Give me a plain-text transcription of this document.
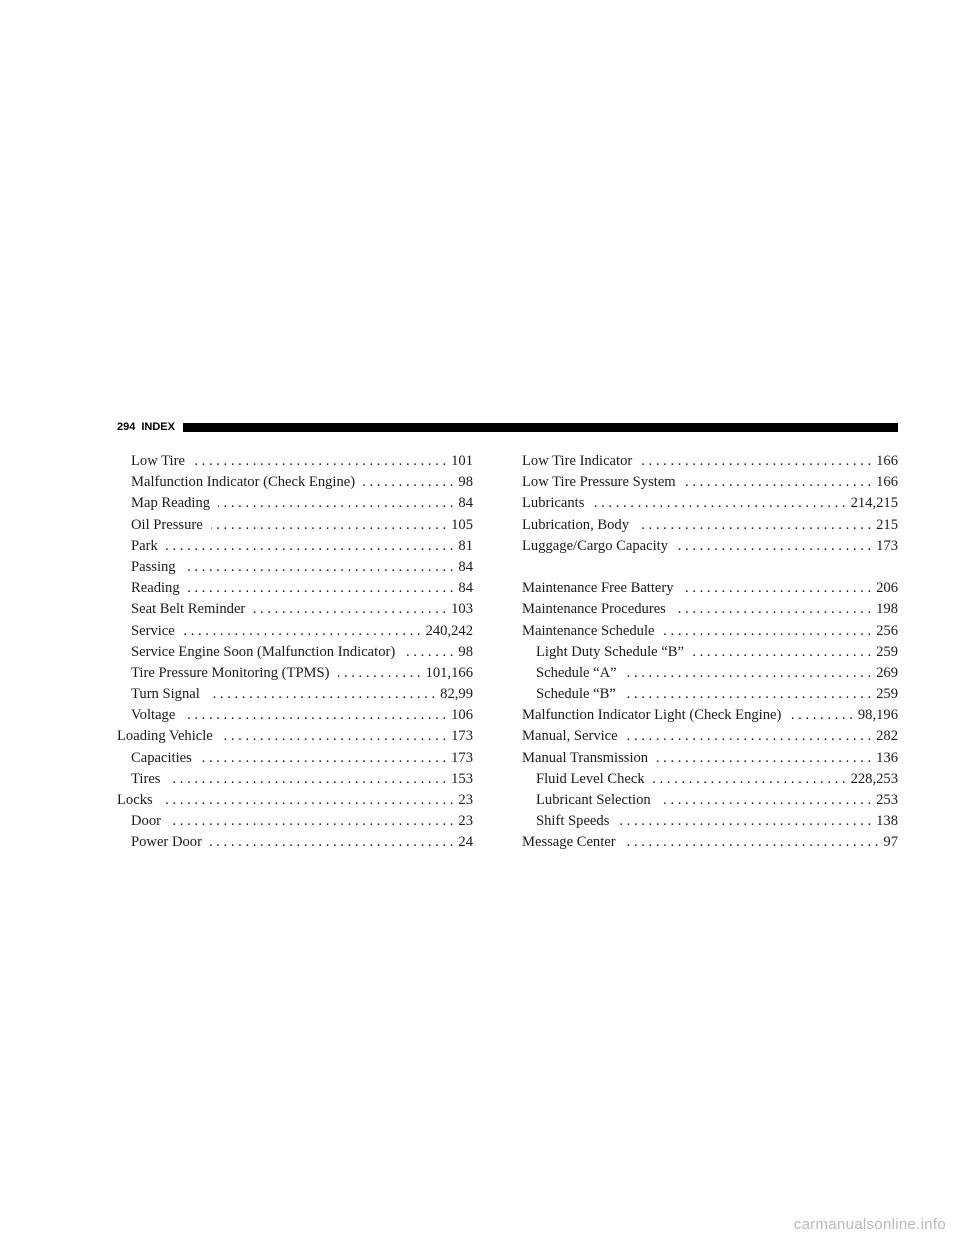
294 INDEX
Low Tire . . .	101
Malfunction Indicator (Check Engine) . . .	98
Map Reading . . .	84
Oil Pressure . . .	105
Park . . .	81
Passing . . .	84
Reading . . .	84
Seat Belt Reminder . . .	103
Service . . .	240,242
Service Engine Soon (Malfunction Indicator) . . .	98
Tire Pressure Monitoring (TPMS) . . .	101,166
Turn Signal . . .	82,99
Voltage . . .	106
Loading Vehicle . . .	173
Capacities . . .	173
Tires . . .	153
Locks . . .	23
Door . . .	23
Power Door . . .	24
Low Tire Indicator . . .	166
Low Tire Pressure System . . .	166
Lubricants . . .	214,215
Lubrication, Body . . .	215
Luggage/Cargo Capacity . . .	173
Maintenance Free Battery . . .	206
Maintenance Procedures . . .	198
Maintenance Schedule . . .	256
Light Duty Schedule “B” . . .	259
Schedule “A” . . .	269
Schedule “B” . . .	259
Malfunction Indicator Light (Check Engine) . . .	98,196
Manual, Service . . .	282
Manual Transmission . . .	136
Fluid Level Check . . .	228,253
Lubricant Selection . . .	253
Shift Speeds . . .	138
Message Center . . .	97
carmanualsonline.info
